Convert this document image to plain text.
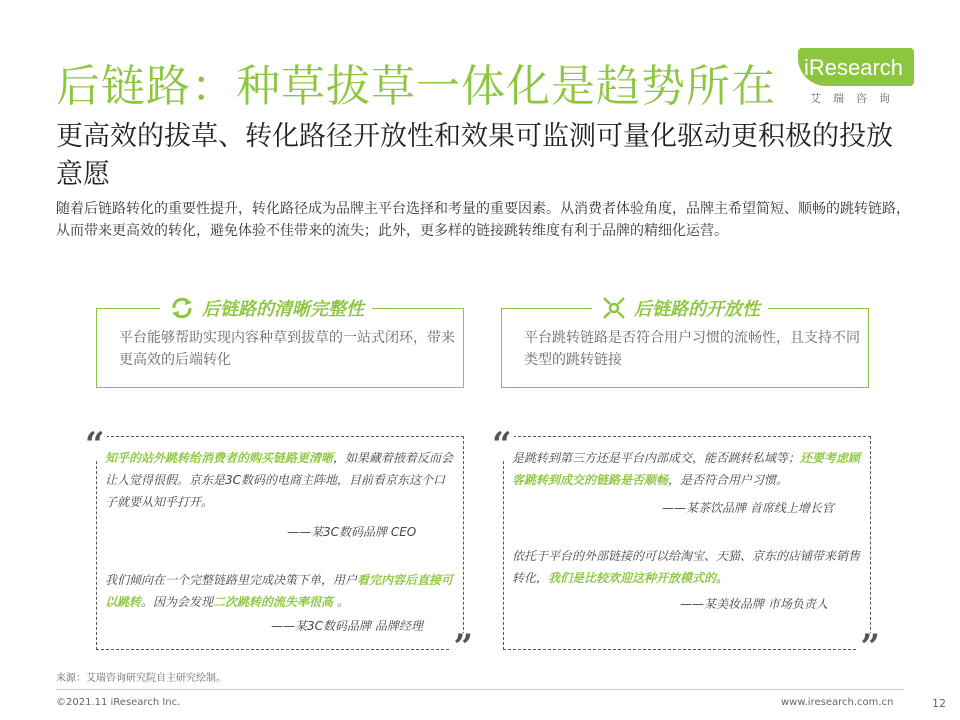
后链路：种草拔草一体化是趋势所在 iResearch
艾瑞咨询
更高效的拔草、转化路径开放性和效果可监测可量化驱动更积极的投放意愿
随着后链路转化的重要性提升，转化路径成为品牌主平台选择和考量的重要因素。从消费者体验角度，品牌主希望简短、顺畅的跳转链路，从而带来更高效的转化，避免体验不佳带来的流失；此外，更多样的链接跳转维度有利于品牌的精细化运营。
平台能够帮助实现内容种草到拔草的一站式闭环，带来更高效的后端转化
后链路的清晰完整性
平台跳转链路是否符合用户习惯的流畅性，且支持不同类型的跳转链接
后链路的开放性
“ 知乎的站外跳转给消费者的购买链路更清晰，如果藏着掖着反而会让人觉得很假。京东是3C数码的电商主阵地，目前看京东这个口子就要从知乎打开。
——某3C数码品牌 CEO
我们倾向在一个完整链路里完成决策下单，用户看完内容后直接可以跳转。因为会发现二次跳转的流失率很高 。
——某3C数码品牌 品牌经理
”
“ 是跳转到第三方还是平台内部成交，能否跳转私域等；还要考虑顾客跳转到成交的链路是否顺畅，是否符合用户习惯。
——某茶饮品牌 首席线上增长官
依托于平台的外部链接的可以给淘宝、天猫、京东的店铺带来销售转化，我们是比较欢迎这种开放模式的。
——某美妆品牌 市场负责人
”
来源：艾瑞咨询研究院自主研究绘制。
©2021.11 iResearch Inc.	www.iresearch.com.cn	12
